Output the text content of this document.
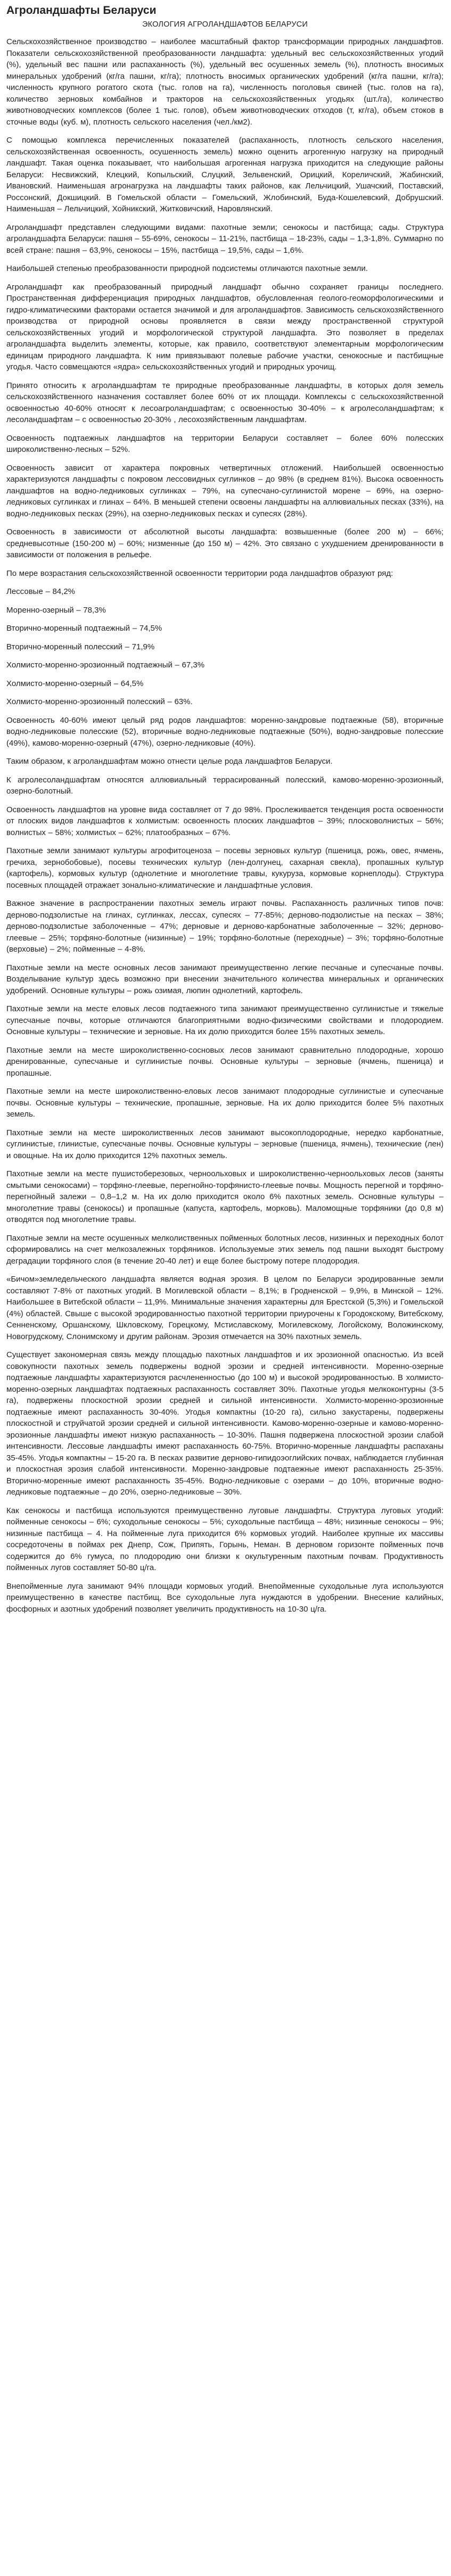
Агроландшафты Беларуси
ЭКОЛОГИЯ АГРОЛАНДШАФТОВ БЕЛАРУСИ

Сельскохозяйственное производство – наиболее масштабный фактор трансформации природных ландшафтов. Показатели сельскохозяйственной преобразованности ландшафта: удельный вес сельскохозяйственных угодий (%), удельный вес пашни или распаханность (%), удельный вес осушенных земель (%), плотность вносимых минеральных удобрений (кг/га пашни, кг/га); плотность вносимых органических удобрений (кг/га пашни, кг/га); численность крупного рогатого скота (тыс. голов на га), численность поголовья свиней (тыс. голов на га), количество зерновых комбайнов и тракторов на сельскохозяйственных угодьях (шт./га), количество животноводческих комплексов (более 1 тыс. голов), объем животноводческих отходов (т, кг/га), объем стоков в сточные воды (куб. м), плотность сельского населения (чел./км2).

С помощью комплекса перечисленных показателей (распаханность, плотность сельского населения, сельскохозяйственная освоенность, осушенность земель) можно оценить агрогенную нагрузку на природный ландшафт. Такая оценка показывает, что наибольшая агрогенная нагрузка приходится на следующие районы Беларуси: Несвижский, Клецкий, Копыльский, Слуцкий, Зельвенский, Орицкий, Кореличский, Жабинский, Ивановский. Наименьшая агронагрузка на ландшафты таких районов, как Лельчицкий, Ушачский, Поставский, Россонский, Докшицкий. В Гомельской области – Гомельский, Жлобинский, Буда-Кошелевский, Добрушский. Наименьшая – Лельчицкий, Хойникский, Житковичский, Наровлянский.

Агроландшафт представлен следующими видами: пахотные земли; сенокосы и пастбища; сады. Структура агроландшафта Беларуси: пашня – 55-69%, сенокосы – 11-21%, пастбища – 18-23%, сады – 1,3-1,8%. Суммарно по всей стране: пашня – 63,9%, сенокосы – 15%, пастбища – 19,5%, сады – 1,6%.

Наибольшей степенью преобразованности природной подсистемы отличаются пахотные земли.

Агроландшафт как преобразованный природный ландшафт обычно сохраняет границы последнего. Пространственная дифференциация природных ландшафтов, обусловленная геолого-геоморфологическими и гидро-климатическими факторами остается значимой и для агроландшафтов. Зависимость сельскохозяйственного производства от природной основы проявляется в связи между пространственной структурой сельскохозяйственных угодий и морфологической структурой ландшафта. Это позволяет в пределах агроландшафта выделить элементы, которые, как правило, соответствуют элементарным морфологическим единицам природного ландшафта. К ним привязывают полевые рабочие участки, сенокосные и пастбищные угодья. Часто совмещаются «ядра» сельскохозяйственных угодий и природных урочищ.

Принято относить к агроландшафтам те природные преобразованные ландшафты, в которых доля земель сельскохозяйственного назначения составляет более 60% от их площади. Комплексы с сельскохозяйственной освоенностью 40-60% относят к лесоагроландшафтам; с освоенностью 30-40% – к агролесоландшафтам; к лесоландшафтам – с освоенностью 20-30% , лесохозяйственным ландшафтам.

Освоенность подтаежных ландшафтов на территории Беларуси составляет – более 60% полесских широколиственно-лесных – 52%.

Освоенность зависит от характера покровных четвертичных отложений. Наибольшей освоенностью характеризуются ландшафты с покровом лессовидных суглинков – до 98% (в среднем 81%). Высока освоенность ландшафтов на водно-ледниковых суглинках – 79%, на супесчано-суглинистой морене – 69%, на озерно-ледниковых суглинках и глинах – 64%. В меньшей степени освоены ландшафты на аллювиальных песках (33%), на водно-ледниковых песках (29%), на озерно-ледниковых песках и супесях (28%).

Освоенность в зависимости от абсолютной высоты ландшафта: возвышенные (более 200 м) – 66%; средневысотные (150-200 м) – 60%; низменные (до 150 м) – 42%. Это связано с ухудшением дренированности в зависимости от положения в рельефе.

По мере возрастания сельскохозяйственной освоенности территории рода ландшафтов образуют ряд:

Лессовые – 84,2%

Моренно-озерный – 78,3%

Вторично-моренный подтаежный – 74,5%

Вторично-моренный полесский – 71,9%

Холмисто-моренно-эрозионный подтаежный – 67,3%

Холмисто-моренно-озерный – 64,5%

Холмисто-моренно-эрозионный полесский – 63%.

Освоенность 40-60% имеют целый ряд родов ландшафтов: моренно-зандровые подтаежные (58), вторичные водно-ледниковые полесские (52), вторичные водно-ледниковые подтаежные (50%), водно-зандровые полесские (49%), камово-моренно-озерный (47%), озерно-ледниковые (40%).

Таким образом, к агроландшафтам можно отнести целые рода ландшафтов Беларуси.

К агролесоландшафтам относятся аллювиальный террасированный полесский, камово-моренно-эрозионный, озерно-болотный.

Освоенность ландшафтов на уровне вида составляет от 7 до 98%. Прослеживается тенденция роста освоенности от плоских видов ландшафтов к холмистым: освоенность плоских ландшафтов – 39%; плосковолнистых – 56%; волнистых – 58%; холмистых – 62%; платообразных – 67%.

Пахотные земли занимают культуры агрофитоценоза – посевы зерновых культур (пшеница, рожь, овес, ячмень, гречиха, зернобобовые), посевы технических культур (лен-долгунец, сахарная свекла), пропашных культур (картофель), кормовых культур (однолетние и многолетние травы, кукуруза, кормовые корнеплоды). Структура посевных площадей отражает зонально-климатические и ландшафтные условия.

Важное значение в распространении пахотных земель играют почвы. Распаханность различных типов почв: дерново-подзолистые на глинах, суглинках, лессах, супесях – 77-85%; дерново-подзолистые на песках – 38%; дерново-подзолистые заболоченные – 47%; дерновые и дерново-карбонатные заболоченные – 32%; дерново-глеевые – 25%; торфяно-болотные (низинные) – 19%; торфяно-болотные (переходные) – 3%; торфяно-болотные (верховые) – 2%; пойменные – 4-8%.

Пахотные земли на месте основных лесов занимают преимущественно легкие песчаные и супесчаные почвы. Возделывание культур здесь возможно при внесении значительного количества минеральных и органических удобрений. Основные культуры – рожь озимая, люпин однолетний, картофель.

Пахотные земли на месте еловых лесов подтаежного типа занимают преимущественно суглинистые и тяжелые супесчаные почвы, которые отличаются благоприятными водно-физическими свойствами и плодородием. Основные культуры – технические и зерновые. На их долю приходится более 15% пахотных земель.

Пахотные земли на месте широколиственно-сосновых лесов занимают сравнительно плодородные, хорошо дренированные, супесчаные и суглинистые почвы. Основные культуры – зерновые (ячмень, пшеница) и пропашные.

Пахотные земли на месте широколиственно-еловых лесов занимают плодородные суглинистые и супесчаные почвы. Основные культуры – технические, пропашные, зерновые. На их долю приходится более 5% пахотных земель.

Пахотные земли на месте широколиственных лесов занимают высокоплодородные, нередко карбонатные, суглинистые, глинистые, супесчаные почвы. Основные культуры – зерновые (пшеница, ячмень), технические (лен) и овощные. На их долю приходится 12% пахотных земель.

Пахотные земли на месте пушистоберезовых, черноольховых и широколиственно-черноольховых лесов (заняты смытыми сенокосами) – торфяно-глеевые, перегнойно-торфянисто-глеевые почвы. Мощность перегной и торфяно-перегнойный залежи – 0,8–1,2 м. На их долю приходится около 6% пахотных земель. Основные культуры – многолетние травы (сенокосы) и пропашные (капуста, картофель, морковь). Маломощные торфяники (до 0,8 м) отводятся под многолетние травы.

Пахотные земли на месте осушенных мелколиственных пойменных болотных лесов, низинных и переходных болот сформировались на счет мелкозалежных торфяников. Используемые этих земель под пашни выходят быстрому деградации торфяного слоя (в течение 20-40 лет) и еще более быстрому потере плодородия.

«Бичом»земледельческого ландшафта является водная эрозия. В целом по Беларуси эродированные земли составляют 7-8% от пахотных угодий. В Могилевской области – 8,1%; в Гродненской – 9,9%, в Минской – 12%. Наибольшее в Витебской области – 11,9%. Минимальные значения характерны для Брестской (5,3%) и Гомельской (4%) областей. Свыше с высокой эродированностью пахотной территории приурочены к Городокскому, Витебскому, Сенненскому, Оршанскому, Шкловскому, Горецкому, Мстиславскому, Могилевскому, Логойскому, Воложинскому, Новогрудскому, Слонимскому и другим районам. Эрозия отмечается на 30% пахотных земель.

Существует закономерная связь между площадью пахотных ландшафтов и их эрозионной опасностью. Из всей совокупности пахотных земель подвержены водной эрозии и средней интенсивности. Моренно-озерные подтаежные ландшафты характеризуются расчлененностью (до 100 м) и высокой эродированностью. В холмисто-моренно-озерных ландшафтах подтаежных распаханность составляет 30%. Пахотные угодья мелкоконтурны (3-5 га), подвержены плоскостной эрозии средней и сильной интенсивности. Холмисто-моренно-эрозионные подтаежные имеют распаханность 30-40%. Угодья компактны (10-20 га), сильно закустарены, подвержены плоскостной и струйчатой эрозии средней и сильной интенсивности. Камово-моренно-озерные и камово-моренно-эрозионные ландшафты имеют низкую распаханность – 10-30%. Пашня подвержена плоскостной эрозии слабой интенсивности. Лессовые ландшафты имеют распаханность 60-75%. Вторично-моренные ландшафты распаханы 35-45%. Угодья компактны – 15-20 га. В песках развитие дерново-гипидоэоглийских почвах, наблюдается глубинная и плоскостная эрозия слабой интенсивности. Моренно-зандровые подтаежные имеют распаханность 25-35%. Вторично-моренные имеют распаханность 35-45%. Водно-ледниковые с озерами – до 10%, вторичные водно-ледниковые подтаежные – до 20%, озерно-ледниковые – 30%.

Как сенокосы и пастбища используются преимущественно луговые ландшафты. Структура луговых угодий: пойменные сенокосы – 6%; суходольные сенокосы – 5%; суходольные пастбища – 48%; низинные сенокосы – 9%; низинные пастбища – 4. На пойменные луга приходится 6% кормовых угодий. Наиболее крупные их массивы сосредоточены в поймах рек Днепр, Сож, Припять, Горынь, Неман. В дерновом горизонте пойменных почв содержится до 6% гумуса, по плодородию они близки к окультуренным пахотным почвам. Продуктивность пойменных лугов составляет 50-80 ц/га.

Внепойменные луга занимают 94% площади кормовых угодий. Внепойменные суходольные луга используются преимущественно в качестве пастбищ. Все суходольные луга нуждаются в удобрении. Внесение калийных, фосфорных и азотных удобрений позволяет увеличить продуктивность на 10-30 ц/га.
